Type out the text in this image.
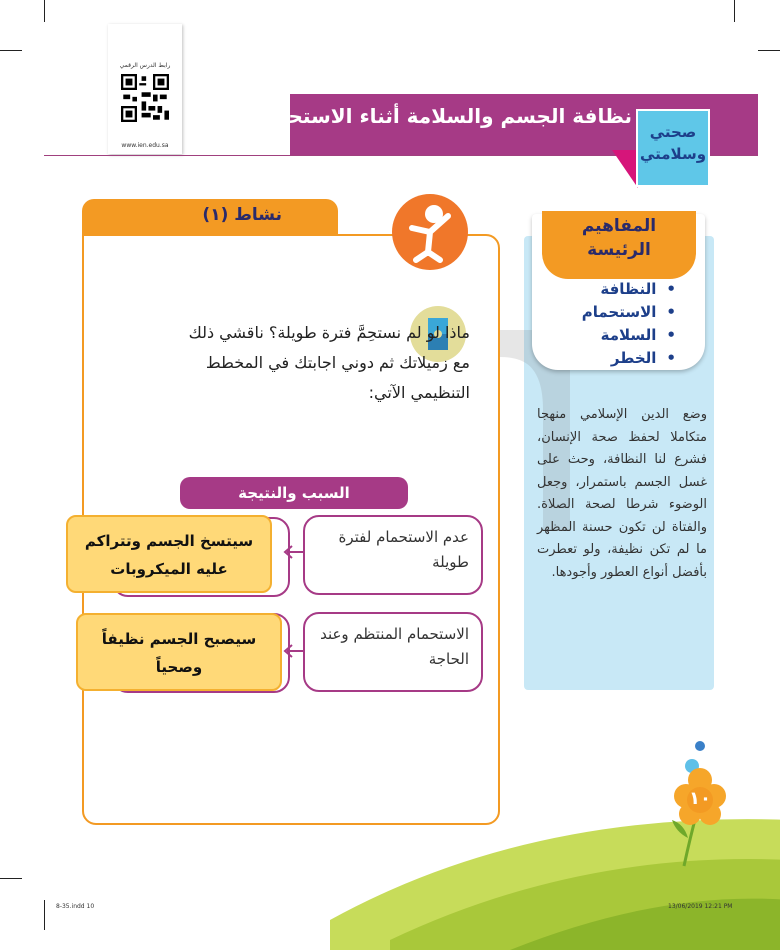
رابط الدرس الرقمي
www.ien.edu.sa
نظافة الجسم والسلامة أثناء الاستحمام
صحتي
وسلامتي
المفاهيم
الرئيسة
• النظافة
• الاستحمام
• السلامة
• الخطر
وضع الدين الإسلامي منهجا متكاملا لحفظ صحة الإنسان، فشرع لنا النظافة، وحث على غسل الجسم باستمرار، وجعل الوضوء شرطا لصحة الصلاة. والفتاة لن تكون حسنة المظهر ما لم تكن نظيفة، ولو تعطرت بأفضل أنواع العطور وأجودها.
نشاط (١)
ماذا لو لم نستحِمَّ فترة طويلة؟ ناقشي ذلك مع زميلاتك ثم دوني اجابتك في المخطط التنظيمي الآتي:
السبب والنتيجة
عدم الاستحمام لفترة طويلة
سيتسخ الجسم وتتراكم عليه الميكروبات
الاستحمام المنتظم وعند الحاجة
سيصبح الجسم نظيفاً وصحياً
١٠
8-35.indd 10	13/06/2019 12:21 PM
